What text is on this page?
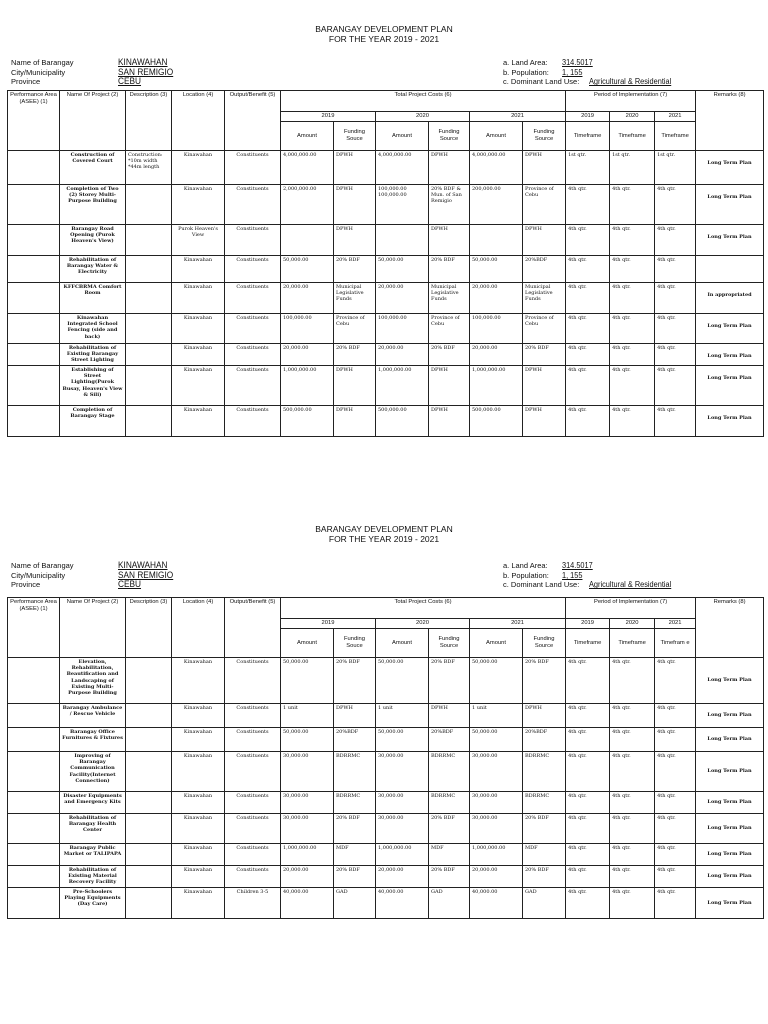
BARANGAY DEVELOPMENT PLAN
FOR THE YEAR 2019 - 2021
Name of Barangay	KINAWAHAN
City/Municipality	SAN REMIGIO
Province	CEBU
a. Land Area:	314.5017
b. Population:	1, 155
c. Dominant Land Use:	Agricultural & Residential
Performance Area (ASEE) (1)	Name Of Project (2)	Description (3)	Location (4)	Output/Benefit (5)	Total Project Costs (6)						Period of Implementation (7)			Remarks (8)
					2019		2020		2021		2019	2020	2021	
					Amount	Funding Souce	Amount	Funding Source	Amount	Funding Source	Timeframe	Timeframe	Timeframe	
	Construction of Covered Court	Construction: *10m width *44m length	Kinawahan	Constituents	4,000,000.00	DPWH	4,000,000.00	DPWH	4,000,000.00	DPWH	1st qtr.	1st qtr.	1st qtr.	Long Term Plan
	Completion of Two (2) Storey Multi-Purpose Building		Kinawahan	Constituents	2,000,000.00	DPWH	100,000.00 100,000.00	20% BDF & Mun. of San Remigio	200,000.00	Province of Cebu	4th qtr.	4th qtr.	4th qtr.	Long Term Plan
	Barangay Road Opening (Purok Heaven's View)		Purok Heaven's View	Constituents		DPWH		DPWH		DPWH	4th qtr.	4th qtr.	4th qtr.	Long Term Plan
	Rehabilitation of Barangay Water & Electricity		Kinawahan	Constituents	50,000.00	20% BDF	50,000.00	20% BDF	50,000.00	20%BDF	4th qtr.	4th qtr.	4th qtr.	
	KFFCBRMA Comfort Room		Kinawahan	Constituents	20,000.00	Municipal Legislative Funds	20,000.00	Municipal Legislative Funds	20,000.00	Municipal Legislative Funds	4th qtr.	4th qtr.	4th qtr.	In appropriated
	Kinawahan Integrated School Fencing (side and back)		Kinawahan	Constituents	100,000.00	Province of Cebu	100,000.00	Province of Cebu	100,000.00	Province of Cebu	4th qtr.	4th qtr.	4th qtr.	Long Term Plan
	Rehabilitation of Existing Barangay Street Lighting		Kinawahan	Constituents	20,000.00	20% BDF	20,000.00	20% BDF	20,000.00	20% BDF	4th qtr.	4th qtr.	4th qtr.	Long Term Plan
	Establishing of Street Lighting(Purok Busay, Heaven's View & Sili)		Kinawahan	Constituents	1,000,000.00	DPWH	1,000,000.00	DPWH	1,000,000.00	DPWH	4th qtr.	4th qtr.	4th qtr.	Long Term Plan
	Completion of Barangay Stage		Kinawahan	Constituents	500,000.00	DPWH	500,000.00	DPWH	500,000.00	DPWH	4th qtr.	4th qtr.	4th qtr.	Long Term Plan
BARANGAY DEVELOPMENT PLAN
FOR THE YEAR 2019 - 2021
Name of Barangay	KINAWAHAN
City/Municipality	SAN REMIGIO
Province	CEBU
a. Land Area:	314.5017
b. Population:	1, 155
c. Dominant Land Use:	Agricultural & Residential
Performance Area (ASEE) (1)	Name Of Project (2)	Description (3)	Location (4)	Output/Benefit (5)	Total Project Costs (6)						Period of Implementation (7)			Remarks (8)
					2019		2020		2021		2019	2020	2021	
					Amount	Funding Souce	Amount	Funding Source	Amount	Funding Source	Timeframe	Timeframe	Timefram e	
	Elevation, Rehabilitation, Beautification and Landscaping of Existing Multi-Purpose Building		Kinawahan	Constituents	50,000.00	20% BDF	50,000.00	20% BDF	50,000.00	20% BDF	4th qtr.	4th qtr.	4th qtr.	Long Term Plan
	Barangay Ambulance / Rescue Vehicle		Kinawahan	Constituents	1 unit	DPWH	1 unit	DPWH	1 unit	DPWH	4th qtr.	4th qtr.	4th qtr.	Long Term Plan
	Barangay Office Furnitures & Fixtures		Kinawahan	Constituents	50,000.00	20%BDF	50,000.00	20%BDF	50,000.00	20%BDF	4th qtr.	4th qtr.	4th qtr.	Long Term Plan
	Improving of Barangay Communication Facility(Internet Connection)		Kinawahan	Constituents	30,000.00	BDRRMC	30,000.00	BDRRMC	30,000.00	BDRRMC	4th qtr.	4th qtr.	4th qtr.	Long Term Plan
	Disaster Equipments and Emergency Kits		Kinawahan	Constituents	30,000.00	BDRRMC	30,000.00	BDRRMC	30,000.00	BDRRMC	4th qtr.	4th qtr.	4th qtr.	Long Term Plan
	Rehabilitation of Barangay Health Center		Kinawahan	Constituents	30,000.00	20% BDF	30,000.00	20% BDF	30,000.00	20% BDF	4th qtr.	4th qtr.	4th qtr.	Long Term Plan
	Barangay Public Market or TALIPAPA		Kinawahan	Constituents	1,000,000.00	MDF	1,000,000.00	MDF	1,000,000.00	MDF	4th qtr.	4th qtr.	4th qtr.	Long Term Plan
	Rehabilitation of Existing Material Recovery Facility		Kinawahan	Constituents	20,000.00	20% BDF	20,000.00	20% BDF	20,000.00	20% BDF	4th qtr.	4th qtr.	4th qtr.	Long Term Plan
	Pre-Schoolers Playing Equipments (Day Care)		Kinawahan	Children 3-5	40,000.00	GAD	40,000.00	GAD	40,000.00	GAD	4th qtr.	4th qtr.	4th qtr.	Long Term Plan
